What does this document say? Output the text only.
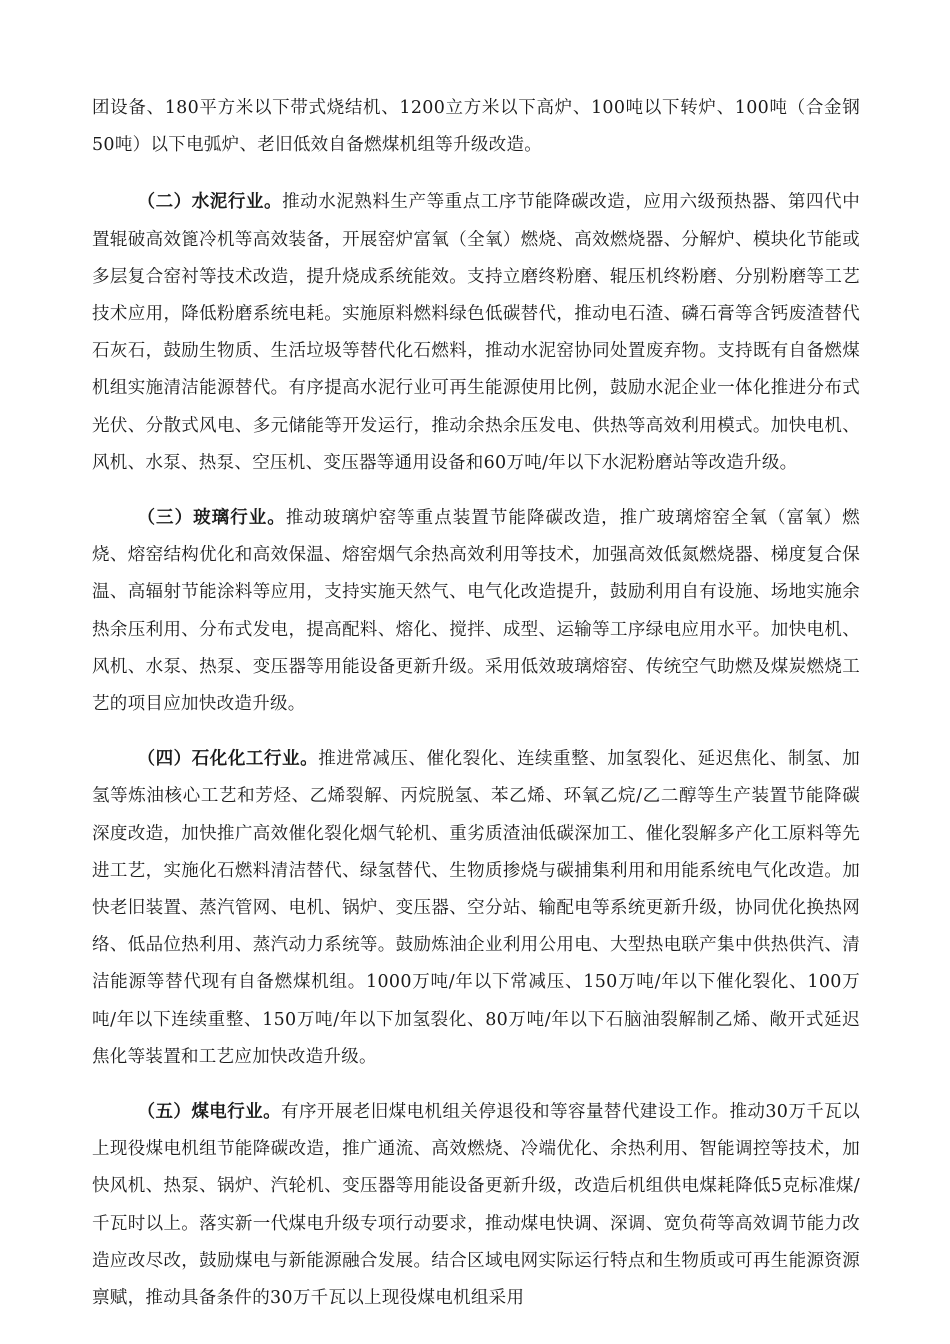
团设备、180平方米以下带式烧结机、1200立方米以下高炉、100吨以下转炉、100吨（合金钢50吨）以下电弧炉、老旧低效自备燃煤机组等升级改造。

（二）水泥行业。推动水泥熟料生产等重点工序节能降碳改造，应用六级预热器、第四代中置辊破高效篦冷机等高效装备，开展窑炉富氧（全氧）燃烧、高效燃烧器、分解炉、模块化节能或多层复合窑衬等技术改造，提升烧成系统能效。支持立磨终粉磨、辊压机终粉磨、分别粉磨等工艺技术应用，降低粉磨系统电耗。实施原料燃料绿色低碳替代，推动电石渣、磷石膏等含钙废渣替代石灰石，鼓励生物质、生活垃圾等替代化石燃料，推动水泥窑协同处置废弃物。支持既有自备燃煤机组实施清洁能源替代。有序提高水泥行业可再生能源使用比例，鼓励水泥企业一体化推进分布式光伏、分散式风电、多元储能等开发运行，推动余热余压发电、供热等高效利用模式。加快电机、风机、水泵、热泵、空压机、变压器等通用设备和60万吨/年以下水泥粉磨站等改造升级。

（三）玻璃行业。推动玻璃炉窑等重点装置节能降碳改造，推广玻璃熔窑全氧（富氧）燃烧、熔窑结构优化和高效保温、熔窑烟气余热高效利用等技术，加强高效低氮燃烧器、梯度复合保温、高辐射节能涂料等应用，支持实施天然气、电气化改造提升，鼓励利用自有设施、场地实施余热余压利用、分布式发电，提高配料、熔化、搅拌、成型、运输等工序绿电应用水平。加快电机、风机、水泵、热泵、变压器等用能设备更新升级。采用低效玻璃熔窑、传统空气助燃及煤炭燃烧工艺的项目应加快改造升级。

（四）石化化工行业。推进常减压、催化裂化、连续重整、加氢裂化、延迟焦化、制氢、加氢等炼油核心工艺和芳烃、乙烯裂解、丙烷脱氢、苯乙烯、环氧乙烷/乙二醇等生产装置节能降碳深度改造，加快推广高效催化裂化烟气轮机、重劣质渣油低碳深加工、催化裂解多产化工原料等先进工艺，实施化石燃料清洁替代、绿氢替代、生物质掺烧与碳捕集利用和用能系统电气化改造。加快老旧装置、蒸汽管网、电机、锅炉、变压器、空分站、输配电等系统更新升级，协同优化换热网络、低品位热利用、蒸汽动力系统等。鼓励炼油企业利用公用电、大型热电联产集中供热供汽、清洁能源等替代现有自备燃煤机组。1000万吨/年以下常减压、150万吨/年以下催化裂化、100万吨/年以下连续重整、150万吨/年以下加氢裂化、80万吨/年以下石脑油裂解制乙烯、敞开式延迟焦化等装置和工艺应加快改造升级。

（五）煤电行业。有序开展老旧煤电机组关停退役和等容量替代建设工作。推动30万千瓦以上现役煤电机组节能降碳改造，推广通流、高效燃烧、冷端优化、余热利用、智能调控等技术，加快风机、热泵、锅炉、汽轮机、变压器等用能设备更新升级，改造后机组供电煤耗降低5克标准煤/千瓦时以上。落实新一代煤电升级专项行动要求，推动煤电快调、深调、宽负荷等高效调节能力改造应改尽改，鼓励煤电与新能源融合发展。结合区域电网实际运行特点和生物质或可再生能源资源禀赋，推动具备条件的30万千瓦以上现役煤电机组采用
